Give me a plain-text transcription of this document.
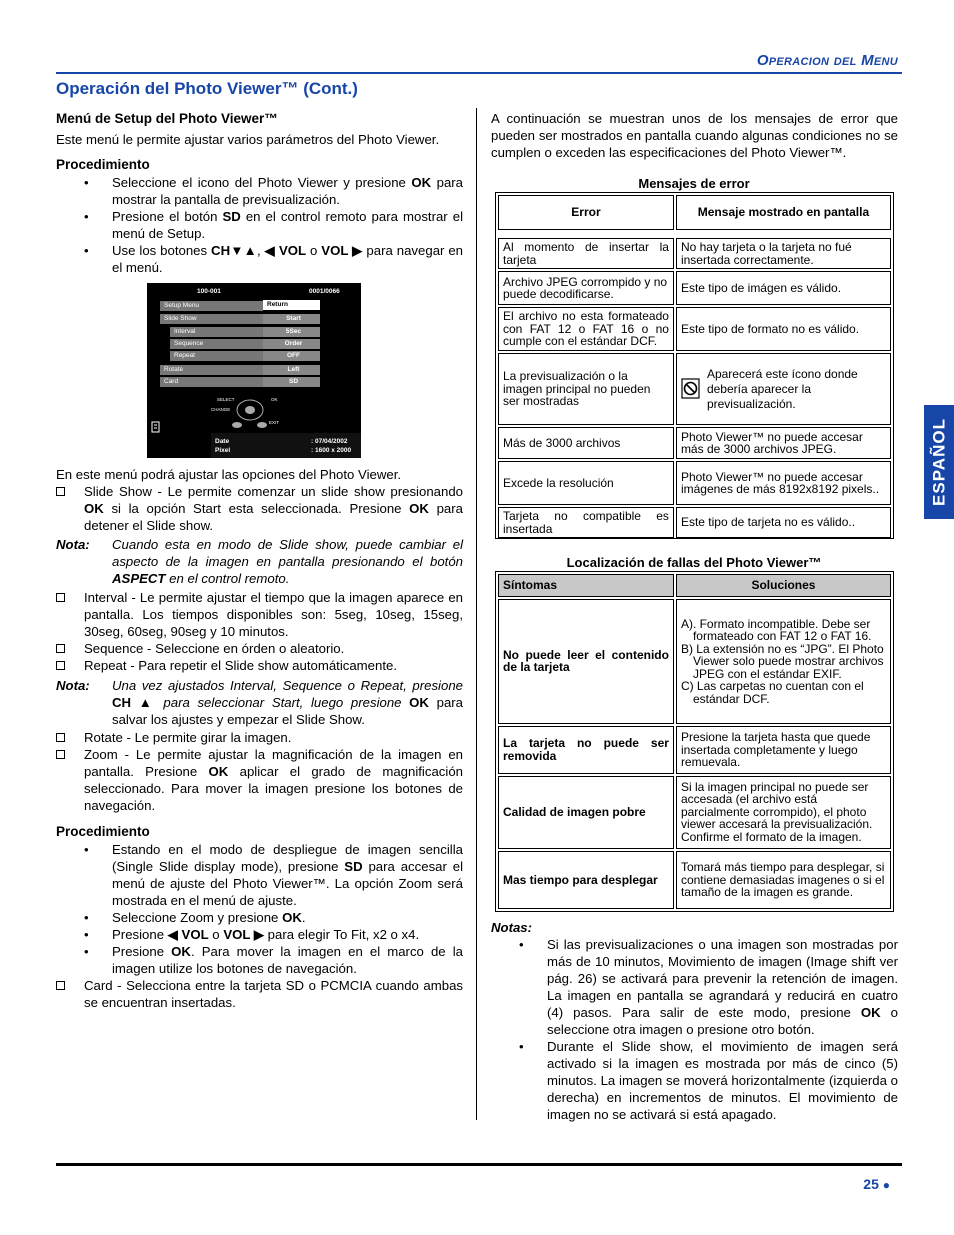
Operacion del Menu
Operación del Photo Viewer™ (Cont.)
ESPAÑOL
Menú de Setup del Photo Viewer™
Este menú le permite ajustar varios parámetros del Photo Viewer.
Procedimiento
• Seleccione el icono del Photo Viewer y presione OK para mostrar la pantalla de previsualización.
• Presione el botón SD en el control remoto para mostrar el menú de Setup.
• Use los botones CH▼▲, ◀ VOL o VOL ▶ para navegar en el menú.
100-001	0001/0066
Setup Menu
Slide Show
Interval
Sequence
Repeat
Rotate
Card
Return
Start
5Sec
Order
OFF
Left
SD
SELECT	OK
CHANGE
EXIT
Date	: 07/04/2002
Pixel	: 1600 x 2000
En este menú podrá ajustar las opciones del Photo Viewer.
Slide Show - Le permite comenzar un slide show presionando OK si la opción Start esta seleccionada. Presione OK para detener el Slide show.
Nota:	Cuando esta en modo de Slide show, puede cambiar el aspecto de la imagen en pantalla presionando el botón ASPECT en el control remoto.
Interval - Le permite ajustar el tiempo que la imagen aparece en pantalla. Los tiempos disponibles son: 5seg, 10seg, 15seg, 30seg, 60seg, 90seg y 10 minutos.
Sequence - Seleccione en órden o aleatorio.
Repeat - Para repetir el Slide show automáticamente.
Nota:	Una vez ajustados Interval, Sequence o Repeat, presione CH ▲ para seleccionar Start, luego presione OK para salvar los ajustes y empezar el Slide Show.
Rotate - Le permite girar la imagen.
Zoom - Le permite ajustar la magnificación de la imagen en pantalla. Presione OK aplicar el grado de magnificación seleccionado. Para mover la imagen presione los botones de navegación.
Procedimiento
• Estando en el modo de despliegue de imagen sencilla (Single Slide display mode), presione SD para accesar el menú de ajuste del Photo Viewer™. La opción Zoom será mostrada en el menú de ajuste.
• Seleccione Zoom y presione OK.
• Presione ◀ VOL o VOL ▶ para elegir To Fit, x2 o x4.
• Presione OK. Para mover la imagen en el marco de la imagen utilize los botones de navegación.
Card - Selecciona entre la tarjeta SD o PCMCIA cuando ambas se encuentran insertadas.
A continuación se muestran unos de los mensajes de error que pueden ser mostrados en pantalla cuando algunas condiciones no se cumplen o exceden las especificaciones del Photo Viewer™.
Mensajes de error
Error	Mensaje mostrado en pantalla

Al momento de insertar la tarjeta	No hay tarjeta o la tarjeta no fué insertada correctamente.
Archivo JPEG corrompido y no puede decodificarse.	Este tipo de imágen es válido.
El archivo no esta formateado con FAT 12 o FAT 16 o no cumple con el estándar DCF.	Este tipo de formato no es válido.
La previsualización o la imagen principal no pueden ser mostradas	Aparecerá este ícono donde debería aparecer la previsualización.

Más de 3000 archivos	Photo Viewer™ no puede accesar más de 3000 archivos JPEG.
Excede la resolución	Photo Viewer™ no puede accesar imágenes de más 8192x8192 pixels..
Tarjeta no compatible es insertada	Este tipo de tarjeta no es válido..
Localización de fallas del Photo Viewer™
Síntomas	Soluciones
No puede leer el contenido de la tarjeta	A). Formato incompatible. Debe ser formateado con FAT 12 o FAT 16.
B) La extensión no es “JPG”. El Photo Viewer solo puede mostrar archivos JPEG con el estándar EXIF.
C) Las carpetas no cuentan con el estándar DCF.

La tarjeta no puede ser removida	Presione la tarjeta hasta que quede insertada completamente y luego remuevala.
Calidad de imagen pobre	Si la imagen principal no puede ser accesada (el archivo está parcialmente corrompido), el photo viewer accesará la previsualización. Confirme el formato de la imagen.
Mas tiempo para desplegar	Tomará más tiempo para desplegar, si contiene demasiadas imagenes o si el tamaño de la imagen es grande.
Notas:
• Si las previsualizaciones o una imagen son mostradas por más de 10 minutos, Movimiento de imagen (Image shift ver pág. 26) se activará para prevenir la retención de imagen. La imagen en pantalla se agrandará y reducirá en cuatro (4) pasos. Para salir de este modo, presione OK o seleccione otra imagen o presione otro botón.
• Durante el Slide show, el movimiento de imagen será activado si la imagen es mostrada por más de cinco (5) minutos. La imagen se moverá horizontalmente (izquierda o derecha) en incrementos de minutos. El movimiento de imagen no se activará si está apagado.
25 ●
